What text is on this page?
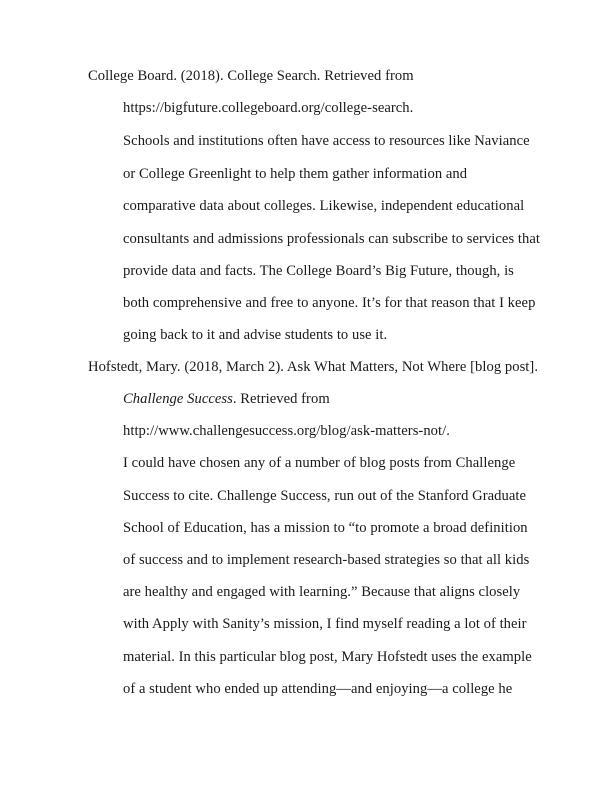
College Board. (2018). College Search. Retrieved from
https://bigfuture.collegeboard.org/college-search.
Schools and institutions often have access to resources like Naviance
or College Greenlight to help them gather information and
comparative data about colleges. Likewise, independent educational
consultants and admissions professionals can subscribe to services that
provide data and facts. The College Board’s Big Future, though, is
both comprehensive and free to anyone. It’s for that reason that I keep
going back to it and advise students to use it.
Hofstedt, Mary. (2018, March 2). Ask What Matters, Not Where [blog post].
Challenge Success. Retrieved from
http://www.challengesuccess.org/blog/ask-matters-not/.
I could have chosen any of a number of blog posts from Challenge
Success to cite. Challenge Success, run out of the Stanford Graduate
School of Education, has a mission to “to promote a broad definition
of success and to implement research-based strategies so that all kids
are healthy and engaged with learning.” Because that aligns closely
with Apply with Sanity’s mission, I find myself reading a lot of their
material. In this particular blog post, Mary Hofstedt uses the example
of a student who ended up attending—and enjoying—a college he
